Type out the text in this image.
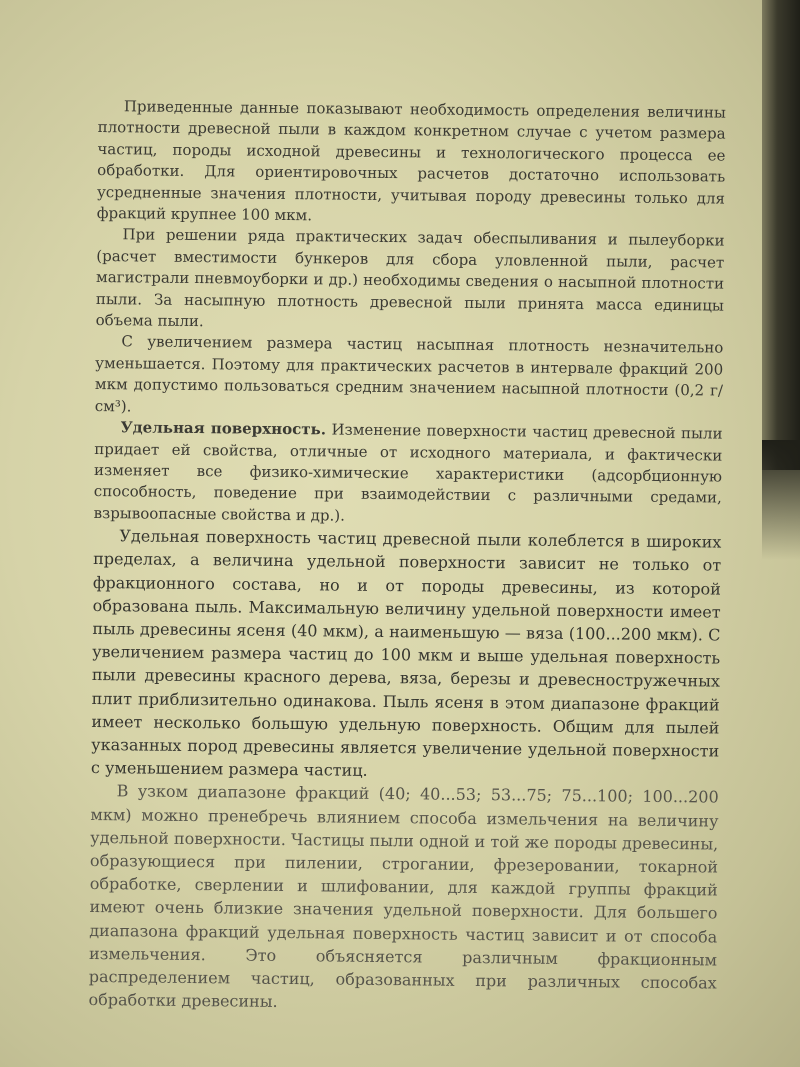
Приведенные данные показывают необходимость определения величины плотности древесной пыли в каждом конкретном случае с учетом размера частиц, породы исходной древесины и технологического процесса ее обработки. Для ориентировочных расчетов достаточно использовать усредненные значения плотности, учитывая породу древесины только для фракций крупнее 100 мкм.

При решении ряда практических задач обеспыливания и пылеуборки (расчет вместимости бункеров для сбора уловленной пыли, расчет магистрали пневмоуборки и др.) необходимы сведения о насыпной плотности пыли. За насыпную плотность древесной пыли принята масса единицы объема пыли.

С увеличением размера частиц насыпная плотность незначительно уменьшается. Поэтому для практических расчетов в интервале фракций 200 мкм допустимо пользоваться средним значением насыпной плотности (0,2 г/см³).

Удельная поверхность. Изменение поверхности частиц древесной пыли придает ей свойства, отличные от исходного материала, и фактически изменяет все физико-химические характеристики (адсорбционную способность, поведение при взаимодействии с различными средами, взрывоопасные свойства и др.).

Удельная поверхность частиц древесной пыли колеблется в широких пределах, а величина удельной поверхности зависит не только от фракционного состава, но и от породы древесины, из которой образована пыль. Максимальную величину удельной поверхности имеет пыль древесины ясеня (40 мкм), а наименьшую — вяза (100...200 мкм). С увеличением размера частиц до 100 мкм и выше удельная поверхность пыли древесины красного дерева, вяза, березы и древесностружечных плит приблизительно одинакова. Пыль ясеня в этом диапазоне фракций имеет несколько большую удельную поверхность. Общим для пылей указанных пород древесины является увеличение удельной поверхности с уменьшением размера частиц.

В узком диапазоне фракций (40; 40...53; 53...75; 75...100; 100...200 мкм) можно пренебречь влиянием способа измельчения на величину удельной поверхности. Частицы пыли одной и той же породы древесины, образующиеся при пилении, строгании, фрезеровании, токарной обработке, сверлении и шлифовании, для каждой группы фракций имеют очень близкие значения удельной поверхности. Для большего диапазона фракций удельная поверхность частиц зависит и от способа измельчения. Это объясняется различным фракционным распределением частиц, образованных при различных способах обработки древесины.
